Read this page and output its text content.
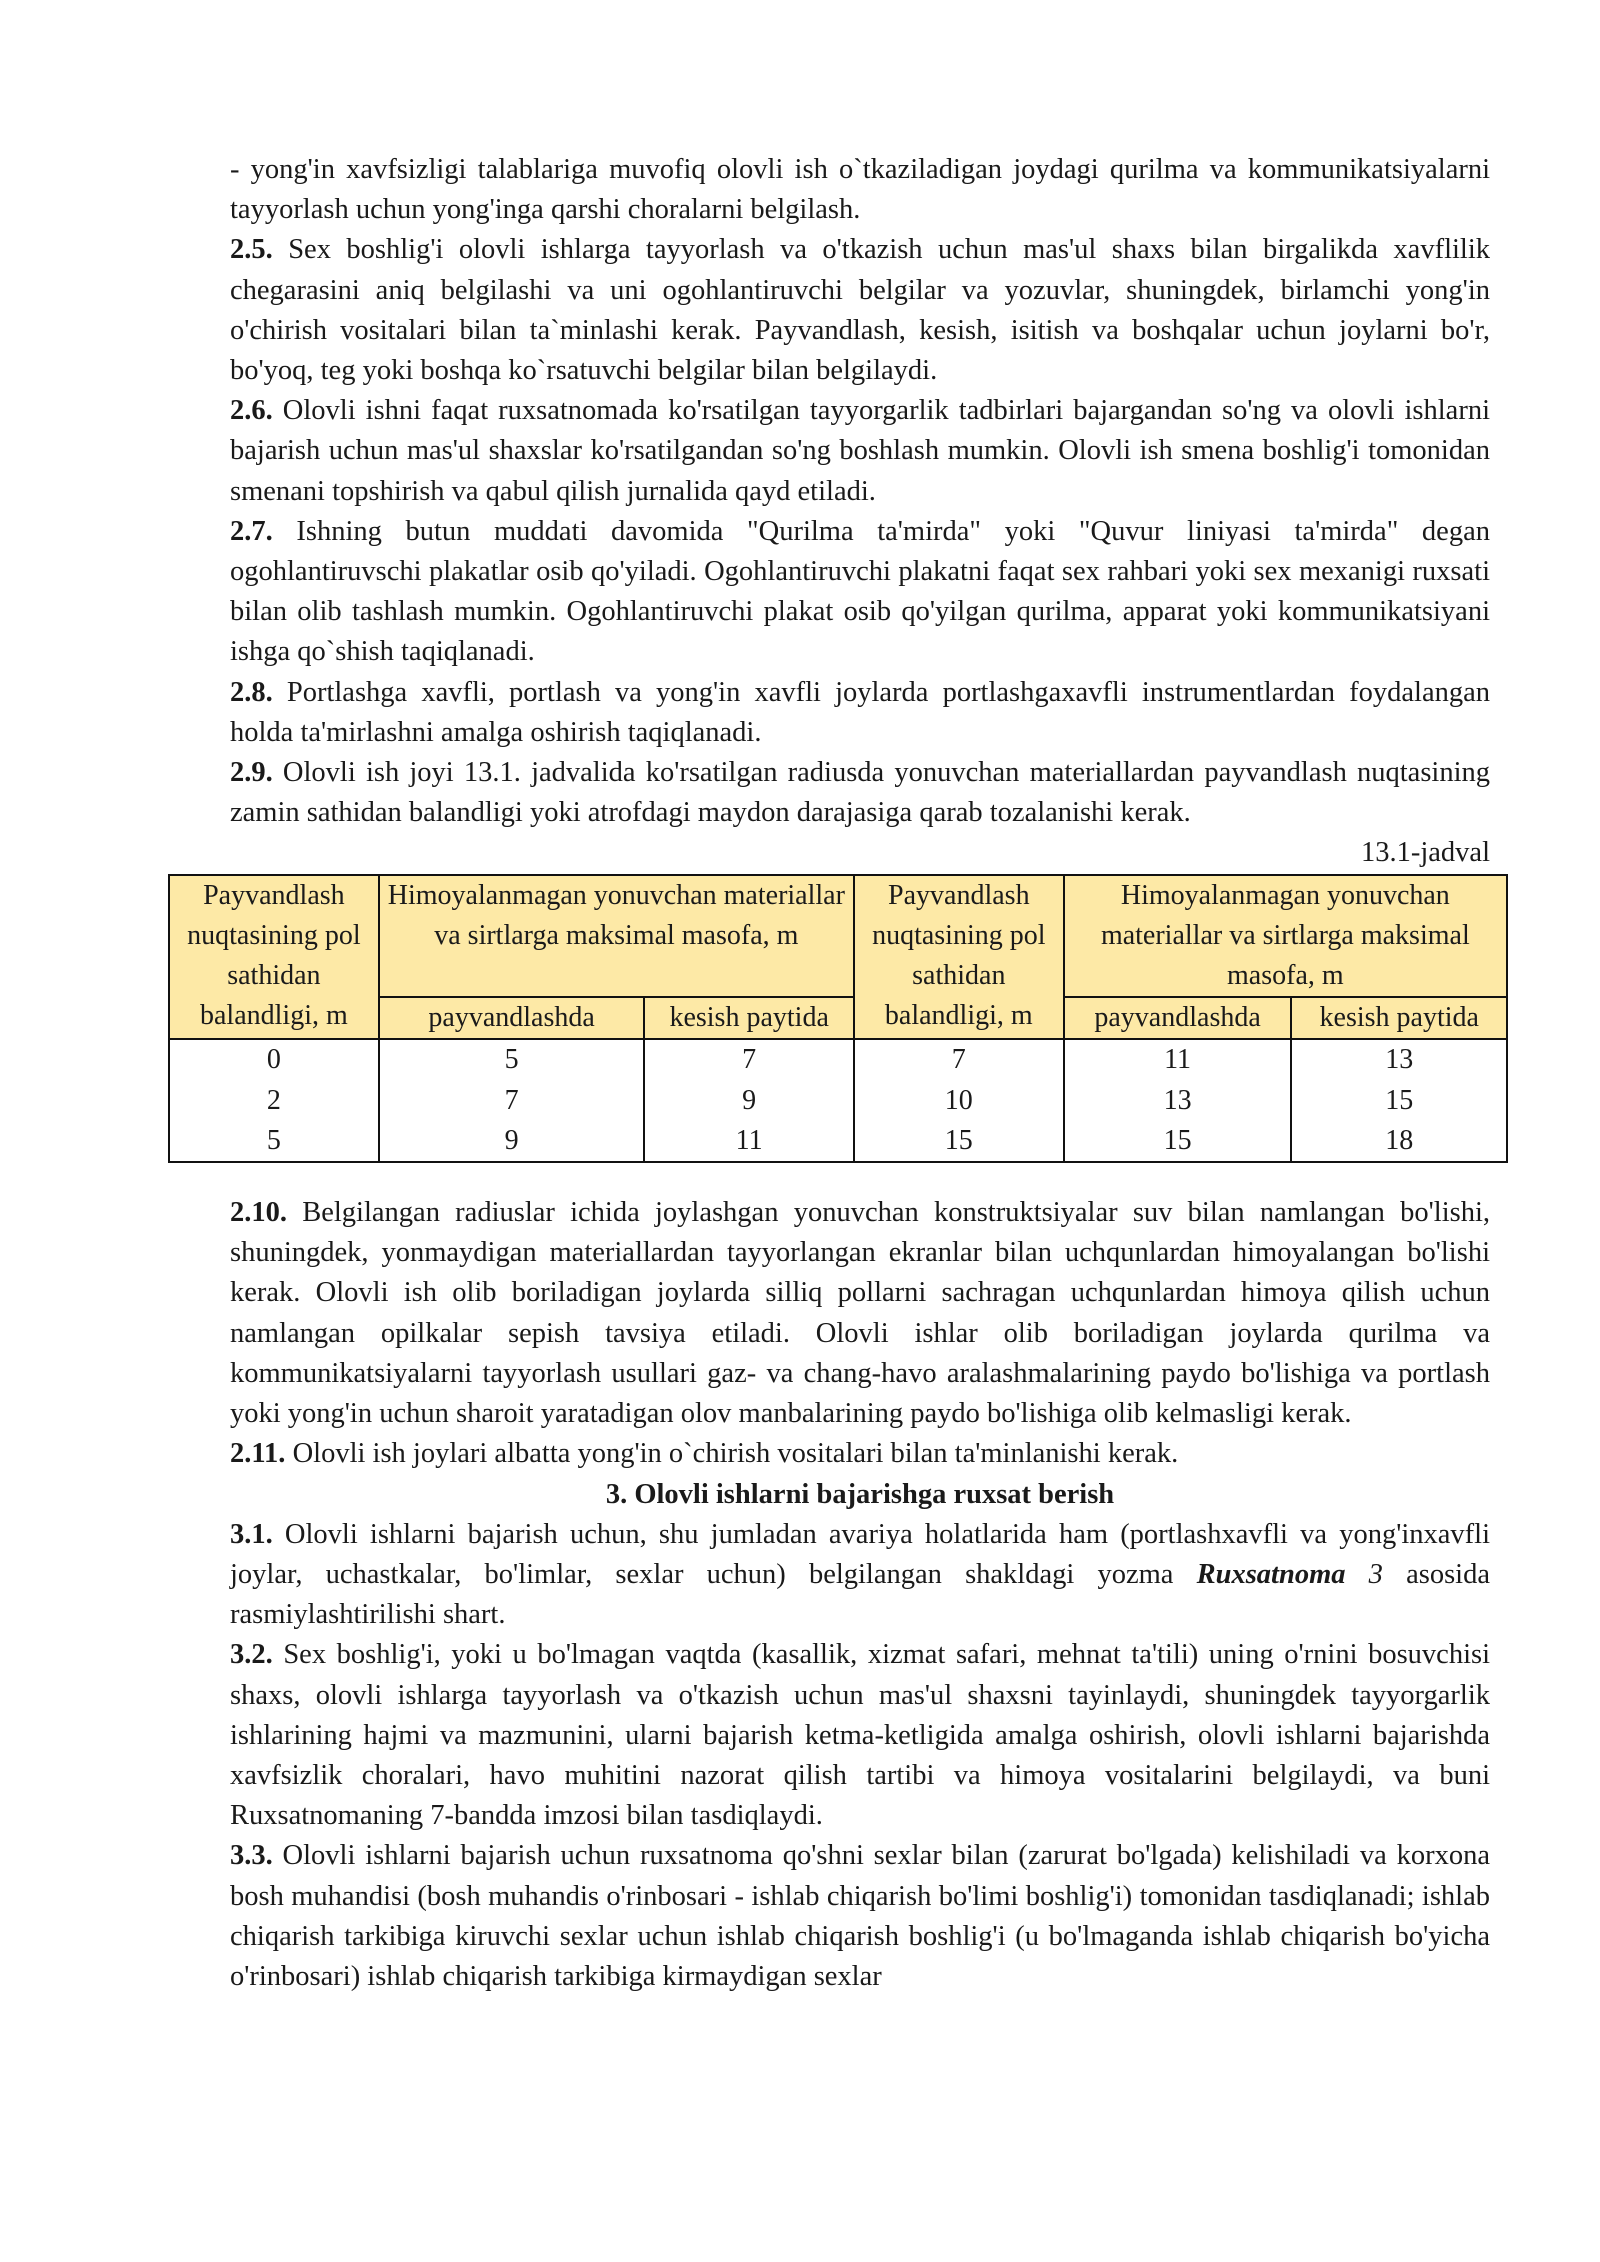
- yong'in xavfsizligi talablariga muvofiq olovli ish o`tkaziladigan joydagi qurilma va kommunikatsiyalarni tayyorlash uchun yong'inga qarshi choralarni belgilash.

2.5. Sex boshlig'i olovli ishlarga tayyorlash va o'tkazish uchun mas'ul shaxs bilan birgalikda xavflilik chegarasini aniq belgilashi va uni ogohlantiruvchi belgilar va yozuvlar, shuningdek, birlamchi yong'in o'chirish vositalari bilan ta`minlashi kerak. Payvandlash, kesish, isitish va boshqalar uchun joylarni bo'r, bo'yoq, teg yoki boshqa ko`rsatuvchi belgilar bilan belgilaydi.

2.6. Olovli ishni faqat ruxsatnomada ko'rsatilgan tayyorgarlik tadbirlari bajargandan so'ng va olovli ishlarni bajarish uchun mas'ul shaxslar ko'rsatilgandan so'ng boshlash mumkin. Olovli ish smena boshlig'i tomonidan smenani topshirish va qabul qilish jurnalida qayd etiladi.

2.7. Ishning butun muddati davomida "Qurilma ta'mirda" yoki "Quvur liniyasi ta'mirda" degan ogohlantiruvschi plakatlar osib qo'yiladi. Ogohlantiruvchi plakatni faqat sex rahbari yoki sex mexanigi ruxsati bilan olib tashlash mumkin. Ogohlantiruvchi plakat osib qo'yilgan qurilma, apparat yoki kommunikatsiyani ishga qo`shish taqiqlanadi.

2.8. Portlashga xavfli, portlash va yong'in xavfli joylarda portlashgaxavfli instrumentlardan foydalangan holda ta'mirlashni amalga oshirish taqiqlanadi.

2.9. Olovli ish joyi 13.1. jadvalida ko'rsatilgan radiusda yonuvchan materiallardan payvandlash nuqtasining zamin sathidan balandligi yoki atrofdagi maydon darajasiga qarab tozalanishi kerak.

13.1-jadval

Payvandlash nuqtasining pol sathidan balandligi, m	Himoyalanmagan yonuvchan materiallar va sirtlarga maksimal masofa, m		Payvandlash nuqtasining pol sathidan balandligi, m	Himoyalanmagan yonuvchan materiallar va sirtlarga maksimal masofa, m	
	payvandlashda	kesish paytida		payvandlashda	kesish paytida
0	5	7	7	11	13
2	7	9	10	13	15
5	9	11	15	15	18

2.10. Belgilangan radiuslar ichida joylashgan yonuvchan konstruktsiyalar suv bilan namlangan bo'lishi, shuningdek, yonmaydigan materiallardan tayyorlangan ekranlar bilan uchqunlardan himoyalangan bo'lishi kerak. Olovli ish olib boriladigan joylarda silliq pollarni sachragan uchqunlardan himoya qilish uchun namlangan opilkalar sepish tavsiya etiladi. Olovli ishlar olib boriladigan joylarda qurilma va kommunikatsiyalarni tayyorlash usullari gaz- va chang-havo aralashmalarining paydo bo'lishiga va portlash yoki yong'in uchun sharoit yaratadigan olov manbalarining paydo bo'lishiga olib kelmasligi kerak.

2.11. Olovli ish joylari albatta yong'in o`chirish vositalari bilan ta'minlanishi kerak.

3. Olovli ishlarni bajarishga ruxsat berish

3.1. Olovli ishlarni bajarish uchun, shu jumladan avariya holatlarida ham (portlashxavfli va yong'inxavfli joylar, uchastkalar, bo'limlar, sexlar uchun) belgilangan shakldagi yozma Ruxsatnoma 3 asosida rasmiylashtirilishi shart.

3.2. Sex boshlig'i, yoki u bo'lmagan vaqtda (kasallik, xizmat safari, mehnat ta'tili) uning o'rnini bosuvchisi shaxs, olovli ishlarga tayyorlash va o'tkazish uchun mas'ul shaxsni tayinlaydi, shuningdek tayyorgarlik ishlarining hajmi va mazmunini, ularni bajarish ketma-ketligida amalga oshirish, olovli ishlarni bajarishda xavfsizlik choralari, havo muhitini nazorat qilish tartibi va himoya vositalarini belgilaydi, va buni Ruxsatnomaning 7-bandda imzosi bilan tasdiqlaydi.

3.3. Olovli ishlarni bajarish uchun ruxsatnoma qo'shni sexlar bilan (zarurat bo'lgada) kelishiladi va korxona bosh muhandisi (bosh muhandis o'rinbosari - ishlab chiqarish bo'limi boshlig'i) tomonidan tasdiqlanadi; ishlab chiqarish tarkibiga kiruvchi sexlar uchun ishlab chiqarish boshlig'i (u bo'lmaganda ishlab chiqarish bo'yicha o'rinbosari) ishlab chiqarish tarkibiga kirmaydigan sexlar
